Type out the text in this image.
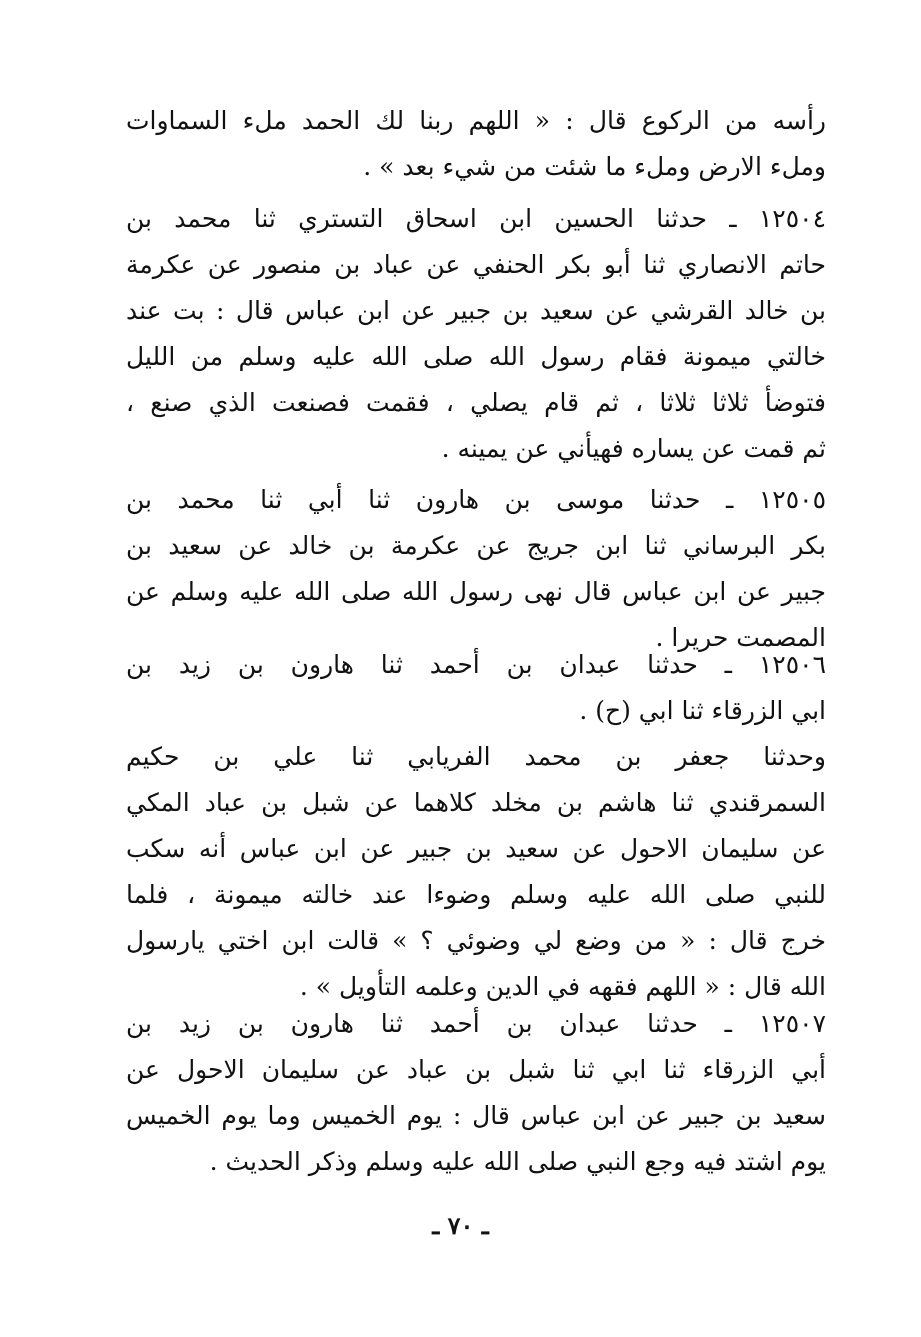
رأسه من الركوع قال : « اللهم ربنا لك الحمد ملء السماوات
وملء الارض وملء ما شئت من شيء بعد » .
١٢٥٠٤ ـ حدثنا الحسين ابن اسحاق التستري ثنا محمد بن
حاتم الانصاري ثنا أبو بكر الحنفي عن عباد بن منصور عن عكرمة
بن خالد القرشي عن سعيد بن جبير عن ابن عباس قال : بت عند
خالتي ميمونة فقام رسول الله صلى الله عليه وسلم من الليل
فتوضأ ثلاثا ثلاثا ، ثم قام يصلي ، فقمت فصنعت الذي صنع ،
ثم قمت عن يساره فهيأني عن يمينه .
١٢٥٠٥ ـ حدثنا موسى بن هارون ثنا أبي ثنا محمد بن
بكر البرساني ثنا ابن جريج عن عكرمة بن خالد عن سعيد بن
جبير عن ابن عباس قال نهى رسول الله صلى الله عليه وسلم عن
المصمت حريرا .
١٢٥٠٦ ـ حدثنا عبدان بن أحمد ثنا هارون بن زيد بن
ابي الزرقاء ثنا ابي (ح) .
وحدثنا جعفر بن محمد الفريابي ثنا علي بن حكيم
السمرقندي ثنا هاشم بن مخلد كلاهما عن شبل بن عباد المكي
عن سليمان الاحول عن سعيد بن جبير عن ابن عباس أنه سكب
للنبي صلى الله عليه وسلم وضوءا عند خالته ميمونة ، فلما
خرج قال : « من وضع لي وضوئي ؟ » قالت ابن اختي يارسول
الله قال : « اللهم فقهه في الدين وعلمه التأويل » .
١٢٥٠٧ ـ حدثنا عبدان بن أحمد ثنا هارون بن زيد بن
أبي الزرقاء ثنا ابي ثنا شبل بن عباد عن سليمان الاحول عن
سعيد بن جبير عن ابن عباس قال : يوم الخميس وما يوم الخميس
يوم اشتد فيه وجع النبي صلى الله عليه وسلم وذكر الحديث .
ـ ٧٠ ـ
